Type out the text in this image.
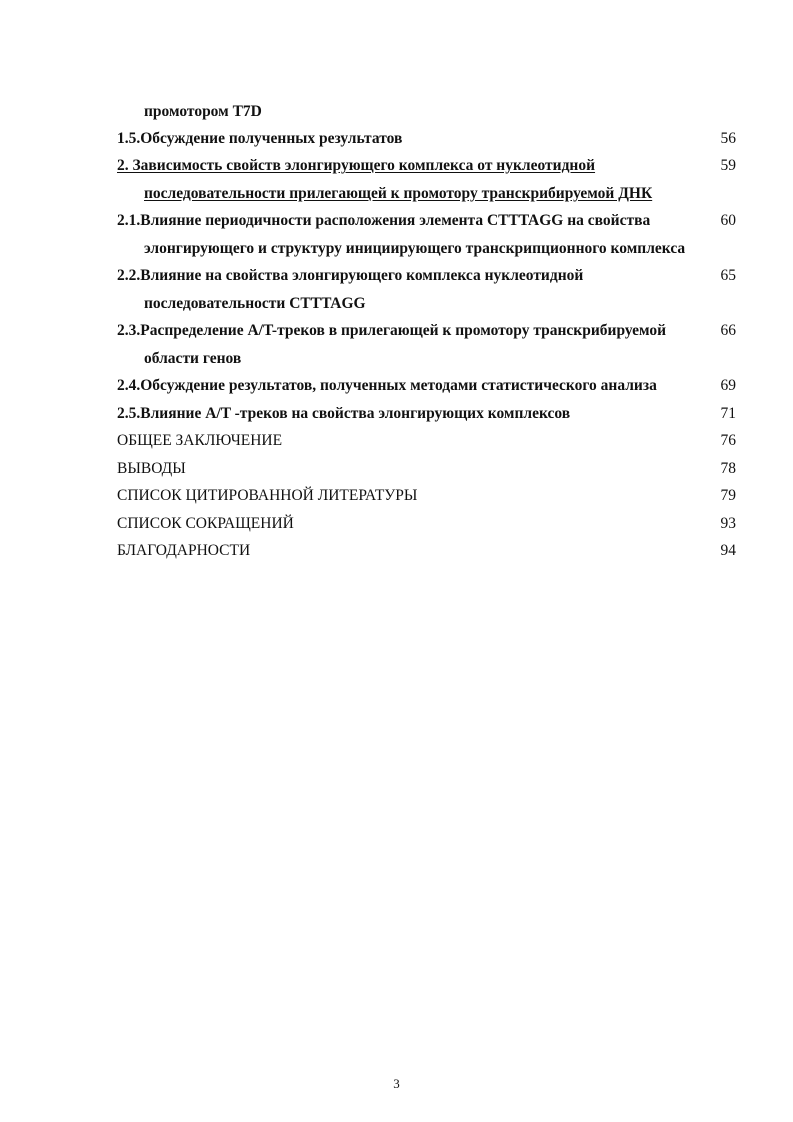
промотором T7D
1.5.Обсуждение полученных результатов	56
2. Зависимость свойств элонгирующего комплекса от нуклеотидной	59
последовательности прилегающей к промотору транскрибируемой ДНК
2.1.Влияние периодичности расположения элемента CTTTAGG на свойства	60
элонгирующего и структуру инициирующего транскрипционного комплекса
2.2.Влияние на свойства элонгирующего комплекса нуклеотидной	65
последовательности CTTTAGG
2.3.Распределение A/T-треков в прилегающей к промотору транскрибируемой	66
области генов
2.4.Обсуждение результатов, полученных методами статистического анализа	69
2.5.Влияние A/T -треков на свойства элонгирующих комплексов	71
ОБЩЕЕ ЗАКЛЮЧЕНИЕ	76
ВЫВОДЫ	78
СПИСОК ЦИТИРОВАННОЙ ЛИТЕРАТУРЫ	79
СПИСОК СОКРАЩЕНИЙ	93
БЛАГОДАРНОСТИ	94
3
